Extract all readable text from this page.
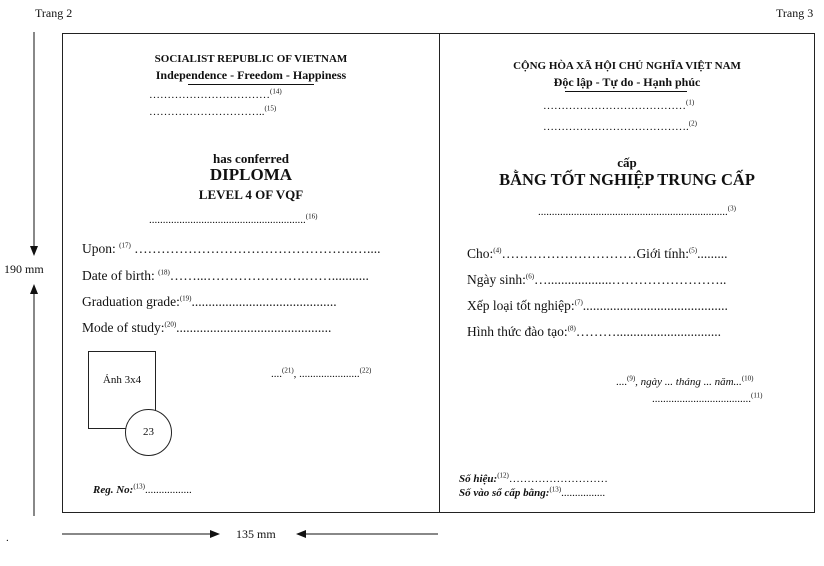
Trang 2	Trang 3
190 mm
135 mm
.
SOCIALIST REPUBLIC OF VIETNAM
Independence - Freedom - Happiness
……………………………$^{(14)}$
…………………………..$^{(15)}$
has conferred
DIPLOMA
LEVEL 4 OF VQF
.........................................................$^{(16)}$
Upon: $^{(17)}$ ………………………………………….…....
Date of birth: $^{(18)}$……...………………….……...........
Graduation grade:$^{(19)}$...........................................
Mode of study:$^{(20)}$..............................................
Ảnh 3x4
23
....$^{(21)}$, ......................$^{(22)}$
Reg. No:$^{(13)}$.................
CỘNG HÒA XÃ HỘI CHỦ NGHĨA VIỆT NAM
Độc lập - Tự do - Hạnh phúc
…………………………………$^{(1)}$
………………………………….$^{(2)}$
cấp
BẰNG TỐT NGHIỆP TRUNG CẤP
.....................................................................$^{(3)}$
Cho:$^{(4)}$…………………………Giới tính:$^{(5)}$.........
Ngày sinh:$^{(6)}$…...................……………………..
Xếp loại tốt nghiệp:$^{(7)}$...........................................
Hình thức đào tạo:$^{(8)}$………...............................
....$^{(9)}$, ngày ... tháng ... năm...$^{(10)}$
....................................$^{(11)}$
Số hiệu:$^{(12)}$………………………
Số vào sổ cấp bằng:$^{(13)}$................
